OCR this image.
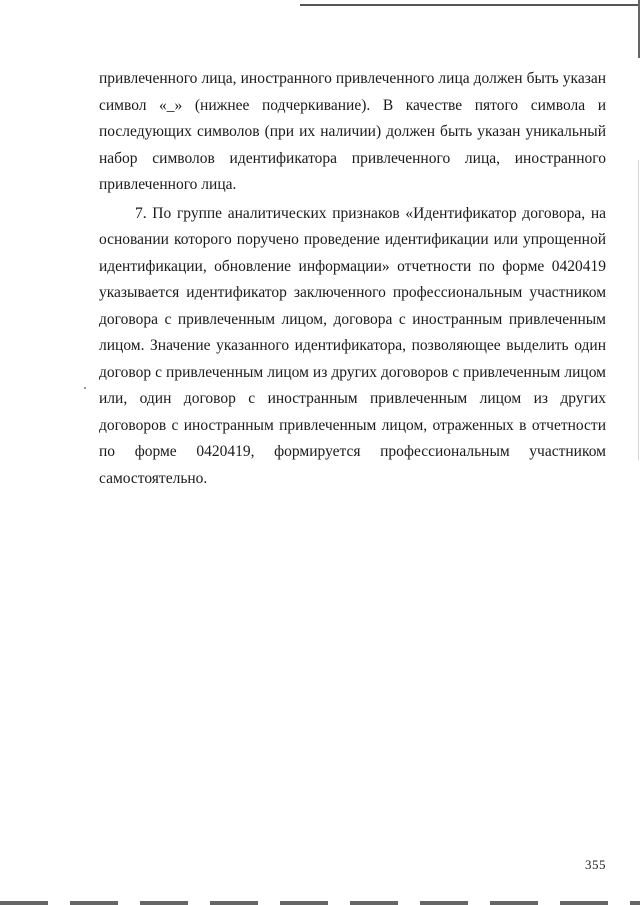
привлеченного лица, иностранного привлеченного лица должен быть указан символ «_» (нижнее подчеркивание). В качестве пятого символа и последующих символов (при их наличии) должен быть указан уникальный набор символов идентификатора привлеченного лица, иностранного привлеченного лица.

7. По группе аналитических признаков «Идентификатор договора, на основании которого поручено проведение идентификации или упрощенной идентификации, обновление информации» отчетности по форме 0420419 указывается идентификатор заключенного профессиональным участником договора с привлеченным лицом, договора с иностранным привлеченным лицом. Значение указанного идентификатора, позволяющее выделить один договор с привлеченным лицом из других договоров с привлеченным лицом или, один договор с иностранным привлеченным лицом из других договоров с иностранным привлеченным лицом, отраженных в отчетности по форме 0420419, формируется профессиональным участником самостоятельно.

355
